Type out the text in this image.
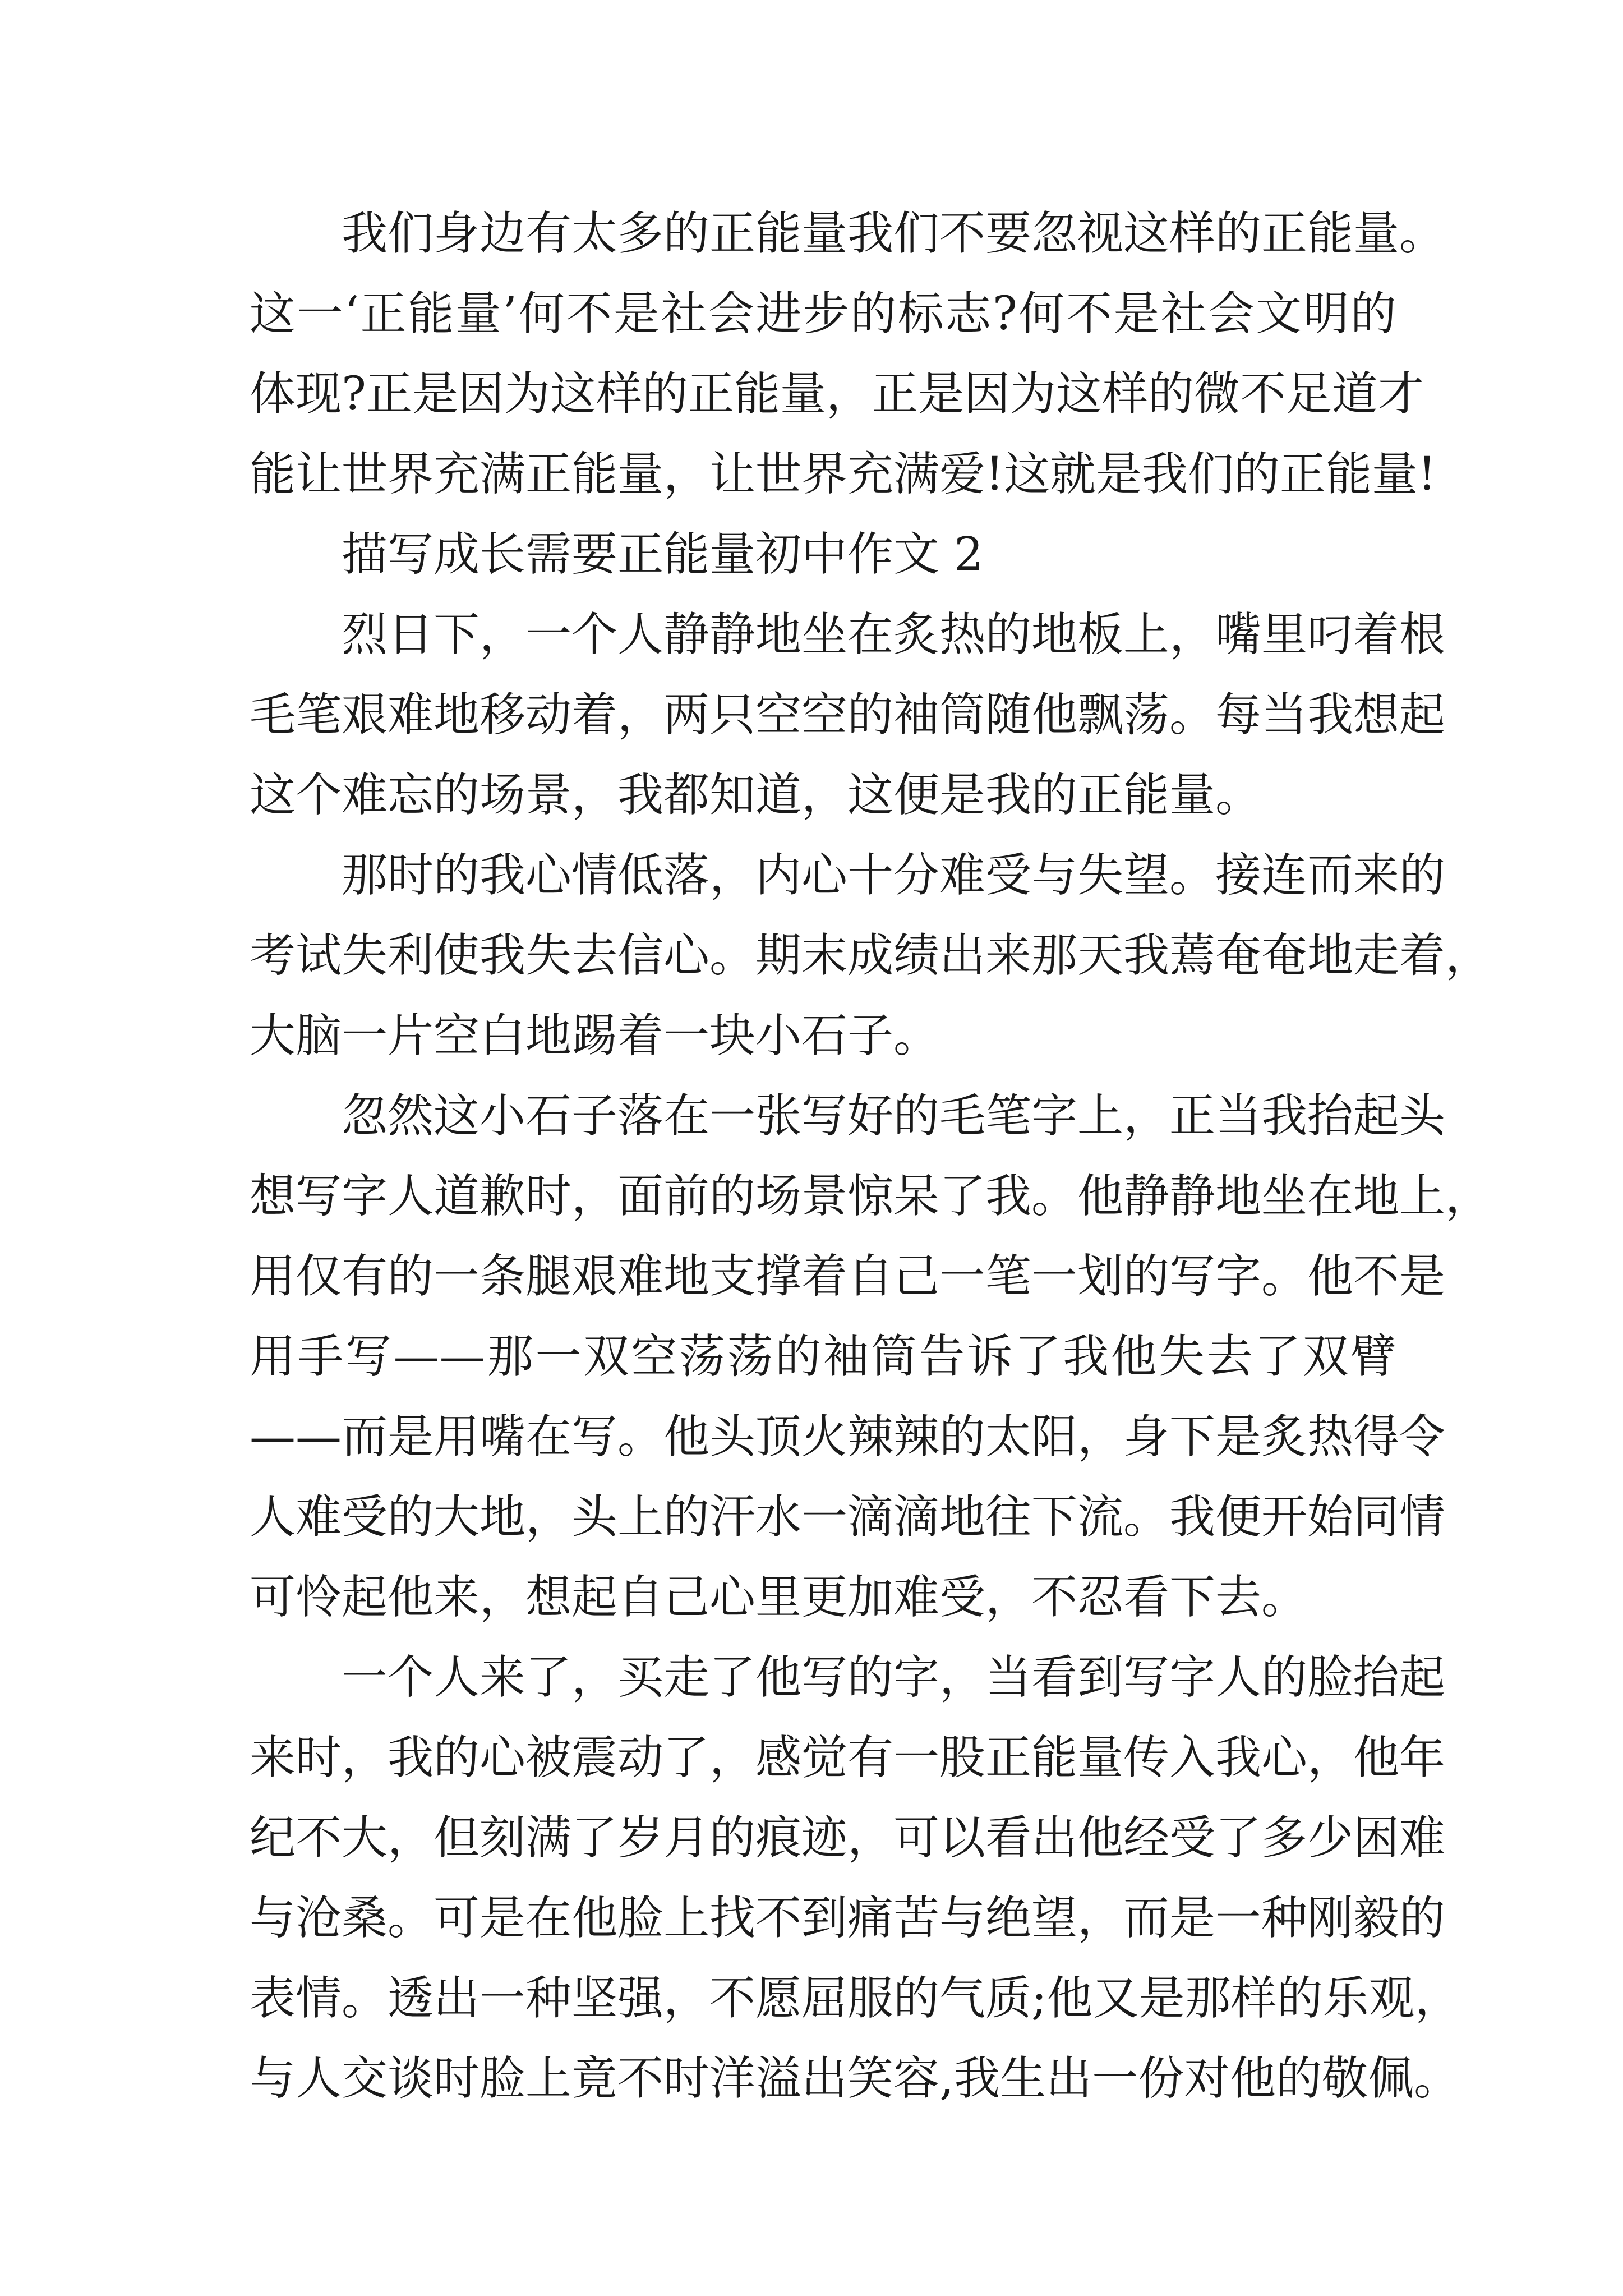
我们身边有太多的正能量我们不要忽视这样的正能量。
这一‘正能量’何不是社会进步的标志?何不是社会文明的
体现?正是因为这样的正能量，正是因为这样的微不足道才
能让世界充满正能量，让世界充满爱!这就是我们的正能量!
描写成长需要正能量初中作文 2
烈日下，一个人静静地坐在炙热的地板上，嘴里叼着根
毛笔艰难地移动着，两只空空的袖筒随他飘荡。每当我想起
这个难忘的场景，我都知道，这便是我的正能量。
那时的我心情低落，内心十分难受与失望。接连而来的
考试失利使我失去信心。期末成绩出来那天我蔫奄奄地走着，
大脑一片空白地踢着一块小石子。
忽然这小石子落在一张写好的毛笔字上，正当我抬起头
想写字人道歉时，面前的场景惊呆了我。他静静地坐在地上，
用仅有的一条腿艰难地支撑着自己一笔一划的写字。他不是
用手写——那一双空荡荡的袖筒告诉了我他失去了双臂
——而是用嘴在写。他头顶火辣辣的太阳，身下是炙热得令
人难受的大地，头上的汗水一滴滴地往下流。我便开始同情
可怜起他来，想起自己心里更加难受，不忍看下去。
一个人来了，买走了他写的字，当看到写字人的脸抬起
来时，我的心被震动了，感觉有一股正能量传入我心，他年
纪不大，但刻满了岁月的痕迹，可以看出他经受了多少困难
与沧桑。可是在他脸上找不到痛苦与绝望，而是一种刚毅的
表情。透出一种坚强，不愿屈服的气质;他又是那样的乐观，
与人交谈时脸上竟不时洋溢出笑容,我生出一份对他的敬佩。
